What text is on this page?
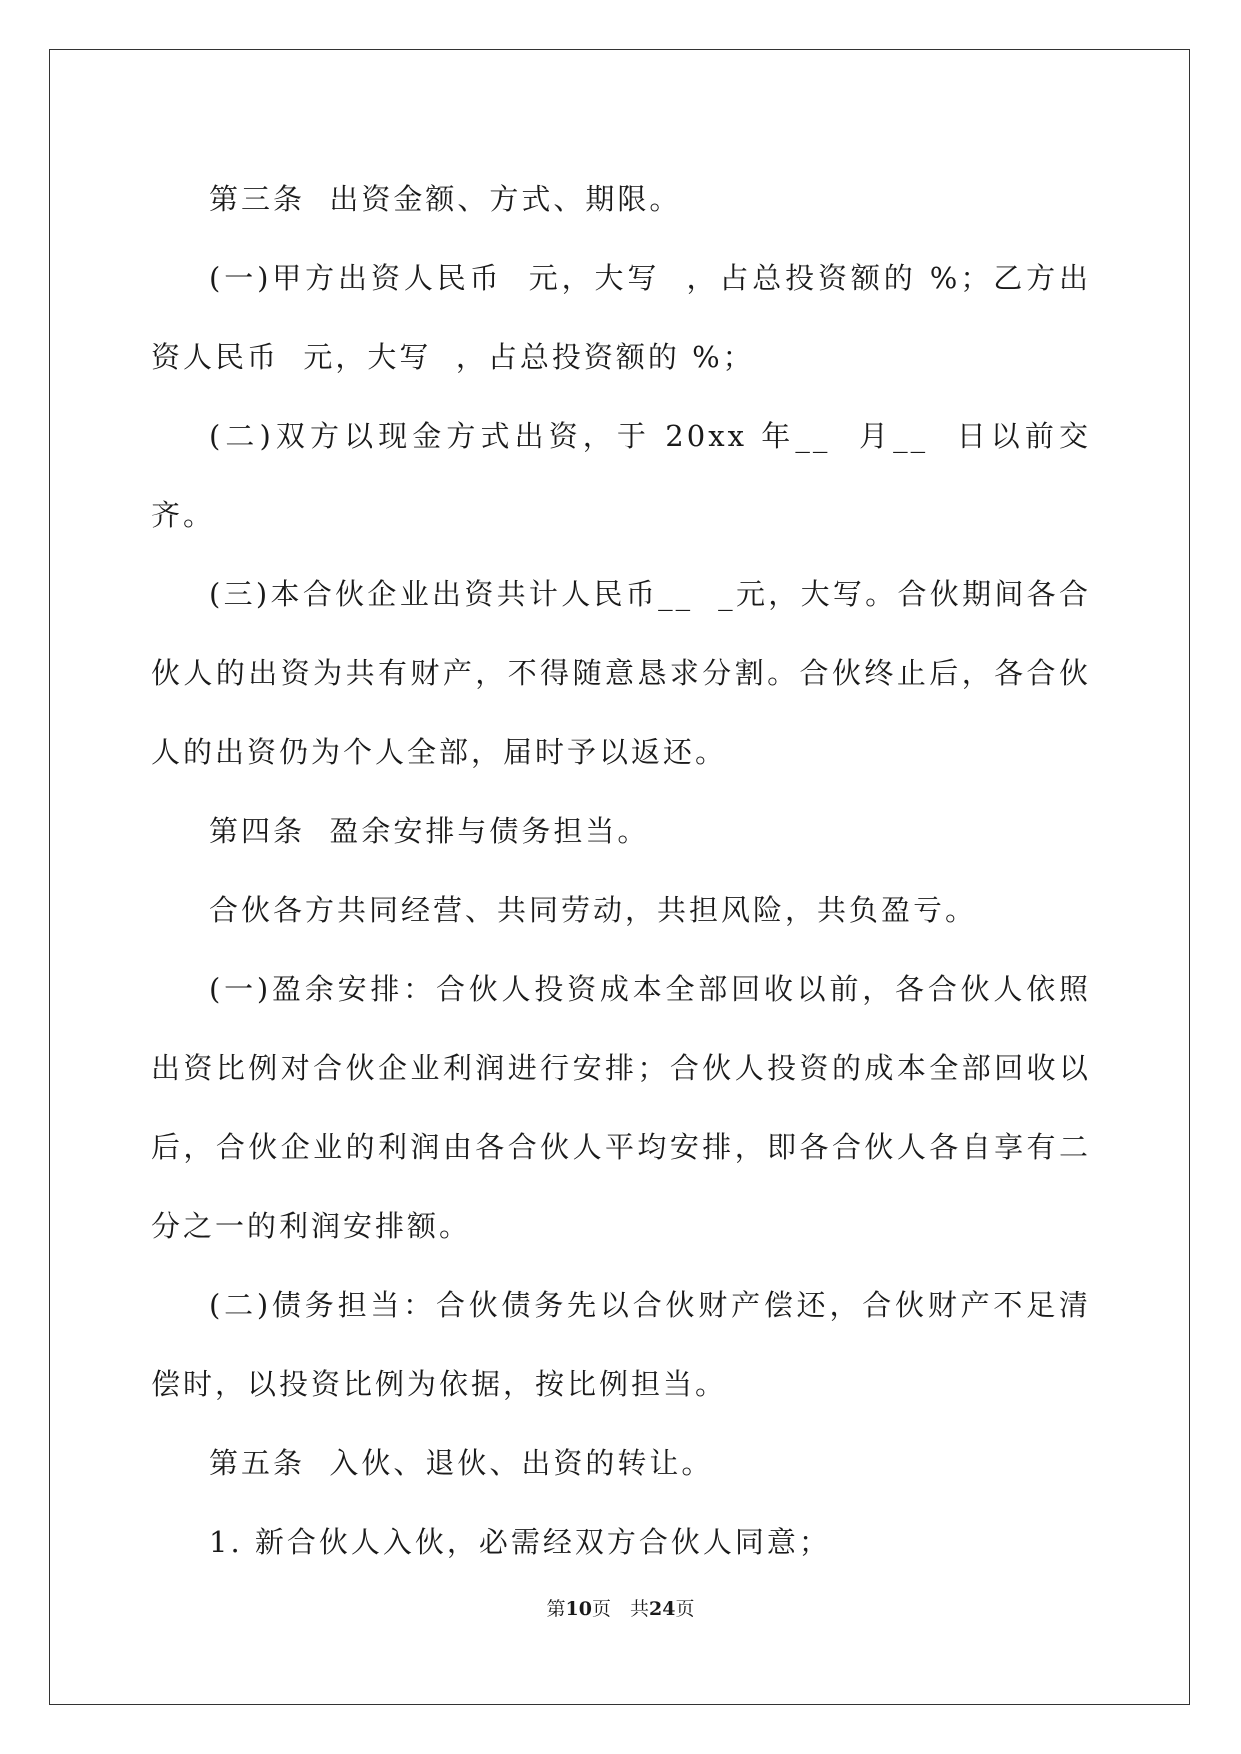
第三条  出资金额、方式、期限。

(一)甲方出资人民币  元，大写  ，占总投资额的 %；乙方出资人民币  元，大写  ，占总投资额的 %；

(二)双方以现金方式出资，于 20xx 年__  月__  日以前交齐。

(三)本合伙企业出资共计人民币__  _元，大写。合伙期间各合伙人的出资为共有财产，不得随意恳求分割。合伙终止后，各合伙人的出资仍为个人全部，届时予以返还。

第四条  盈余安排与债务担当。

合伙各方共同经营、共同劳动，共担风险，共负盈亏。

(一)盈余安排：合伙人投资成本全部回收以前，各合伙人依照出资比例对合伙企业利润进行安排；合伙人投资的成本全部回收以后，合伙企业的利润由各合伙人平均安排，即各合伙人各自享有二分之一的利润安排额。

(二)债务担当：合伙债务先以合伙财产偿还，合伙财产不足清偿时，以投资比例为依据，按比例担当。

第五条  入伙、退伙、出资的转让。

1. 新合伙人入伙，必需经双方合伙人同意；

第10页　共24页
